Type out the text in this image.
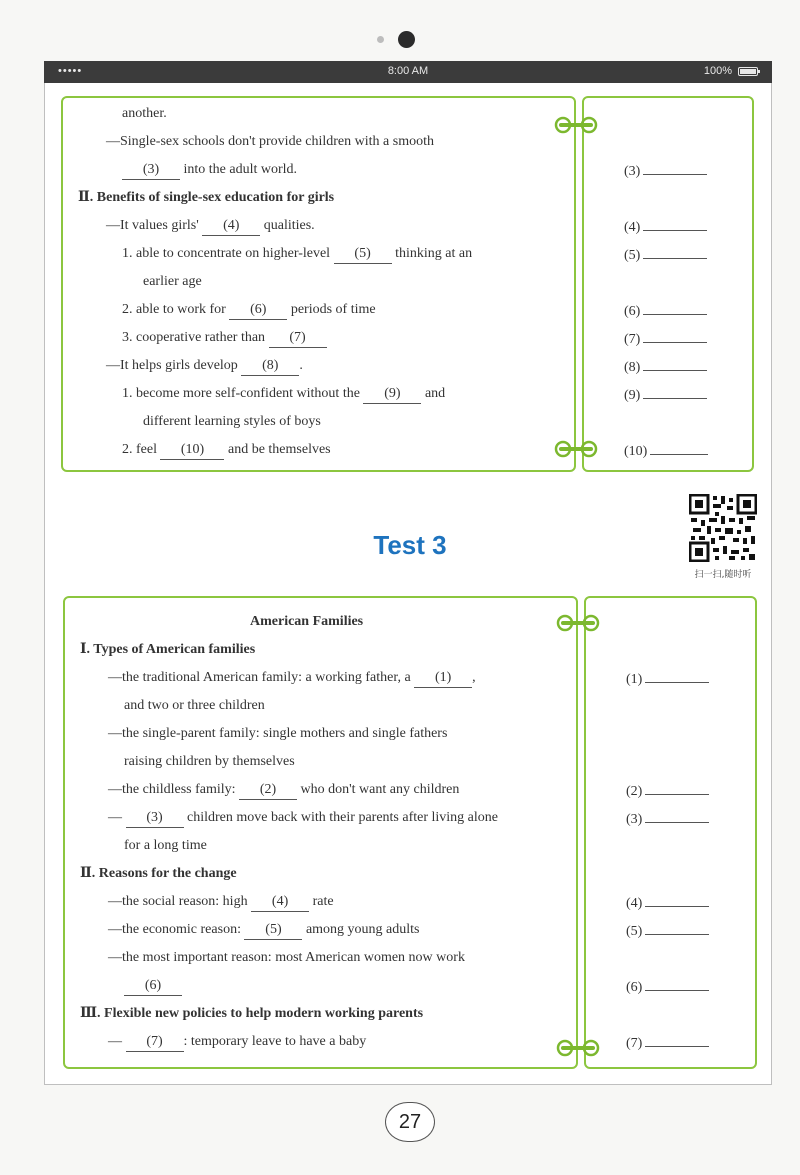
•••••	8:00 AM	100%
another.
—Single-sex schools don't provide children with a smooth
(3) into the adult world.
Ⅱ. Benefits of single-sex education for girls
—It values girls' (4) qualities.
1. able to concentrate on higher-level (5) thinking at an
earlier age
2. able to work for (6) periods of time
3. cooperative rather than (7)
—It helps girls develop (8) .
1. become more self-confident without the (9) and
different learning styles of boys
2. feel (10) and be themselves
(3)
(4)
(5)
(6)
(7)
(8)
(9)
(10)
Test 3
扫一扫,随时听
American Families
Ⅰ. Types of American families
—the traditional American family: a working father, a (1) ,
and two or three children
—the single-parent family: single mothers and single fathers
raising children by themselves
—the childless family: (2) who don't want any children
— (3) children move back with their parents after living alone
for a long time
Ⅱ. Reasons for the change
—the social reason: high (4) rate
—the economic reason: (5) among young adults
—the most important reason: most American women now work
(6)
Ⅲ. Flexible new policies to help modern working parents
— (7) : temporary leave to have a baby
(1)
(2)
(3)
(4)
(5)
(6)
(7)
27
